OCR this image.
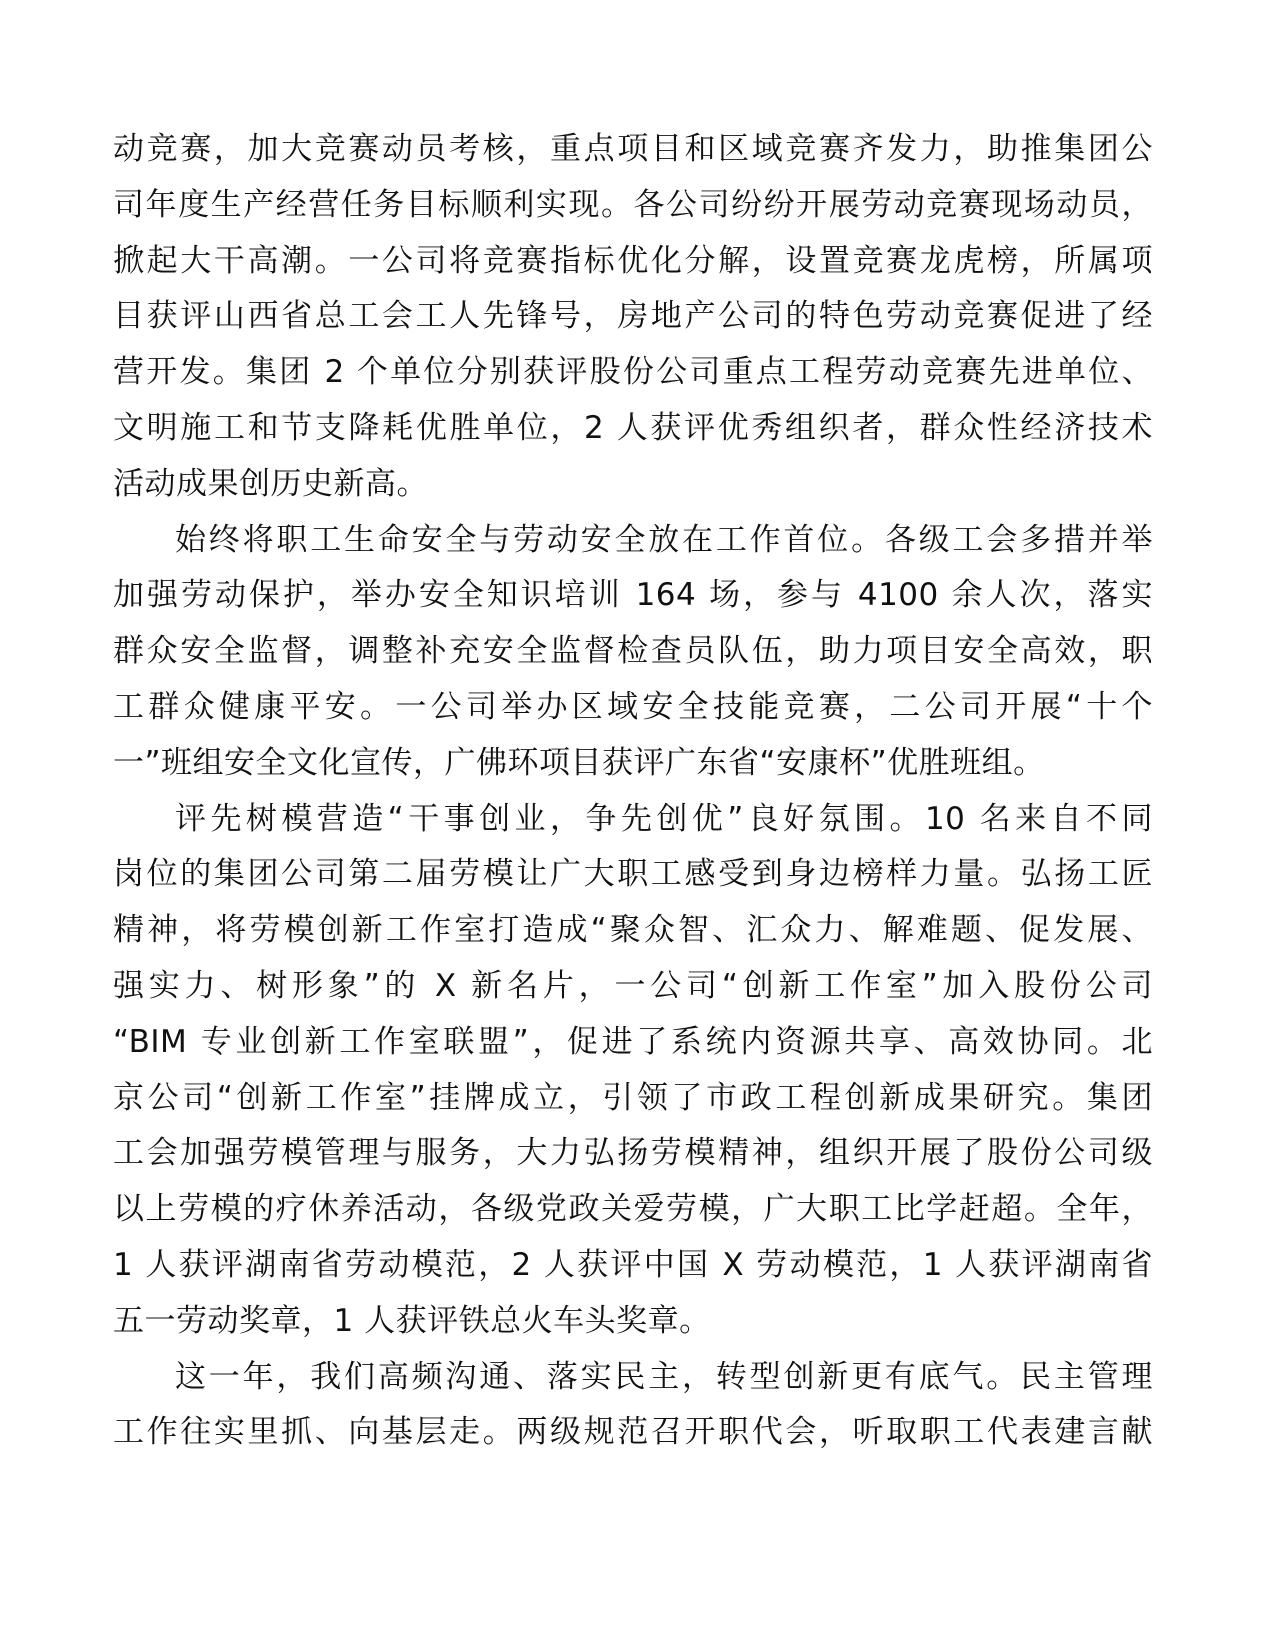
动竞赛，加大竞赛动员考核，重点项目和区域竞赛齐发力，助推集团公
司年度生产经营任务目标顺利实现。各公司纷纷开展劳动竞赛现场动员，
掀起大干高潮。一公司将竞赛指标优化分解，设置竞赛龙虎榜，所属项
目获评山西省总工会工人先锋号，房地产公司的特色劳动竞赛促进了经
营开发。集团 2 个单位分别获评股份公司重点工程劳动竞赛先进单位、
文明施工和节支降耗优胜单位，2 人获评优秀组织者，群众性经济技术
活动成果创历史新高。
始终将职工生命安全与劳动安全放在工作首位。各级工会多措并举
加强劳动保护，举办安全知识培训 164 场，参与 4100 余人次，落实
群众安全监督，调整补充安全监督检查员队伍，助力项目安全高效，职
工群众健康平安。一公司举办区域安全技能竞赛，二公司开展“十个
一”班组安全文化宣传，广佛环项目获评广东省“安康杯”优胜班组。
评先树模营造“干事创业，争先创优”良好氛围。10 名来自不同
岗位的集团公司第二届劳模让广大职工感受到身边榜样力量。弘扬工匠
精神，将劳模创新工作室打造成“聚众智、汇众力、解难题、促发展、
强实力、树形象”的 X 新名片，一公司“创新工作室”加入股份公司
“BIM 专业创新工作室联盟”，促进了系统内资源共享、高效协同。北
京公司“创新工作室”挂牌成立，引领了市政工程创新成果研究。集团
工会加强劳模管理与服务，大力弘扬劳模精神，组织开展了股份公司级
以上劳模的疗休养活动，各级党政关爱劳模，广大职工比学赶超。全年，
1 人获评湖南省劳动模范，2 人获评中国 X 劳动模范，1 人获评湖南省
五一劳动奖章，1 人获评铁总火车头奖章。
这一年，我们高频沟通、落实民主，转型创新更有底气。民主管理
工作往实里抓、向基层走。两级规范召开职代会，听取职工代表建言献
